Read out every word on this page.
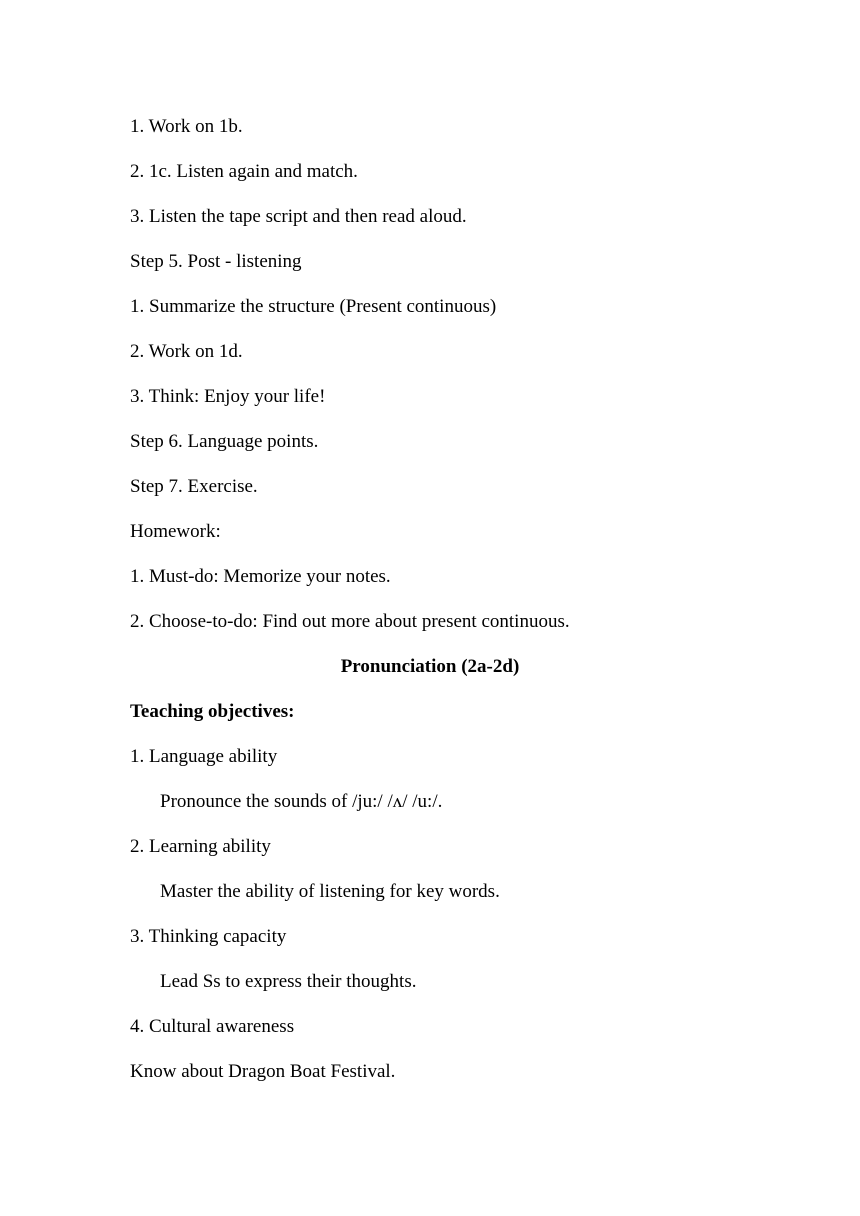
1. Work on 1b.
2. 1c. Listen again and match.
3. Listen the tape script and then read aloud.
Step 5. Post - listening
1. Summarize the structure (Present continuous)
2. Work on 1d.
3. Think: Enjoy your life!
Step 6. Language points.
Step 7. Exercise.
Homework:
1. Must-do: Memorize your notes.
2. Choose-to-do: Find out more about present continuous.
Pronunciation (2a-2d)
Teaching objectives:
1. Language ability
Pronounce the sounds of /ju:/ /ʌ/ /u:/.
2. Learning ability
Master the ability of listening for key words.
3. Thinking capacity
Lead Ss to express their thoughts.
4. Cultural awareness
Know about Dragon Boat Festival.
